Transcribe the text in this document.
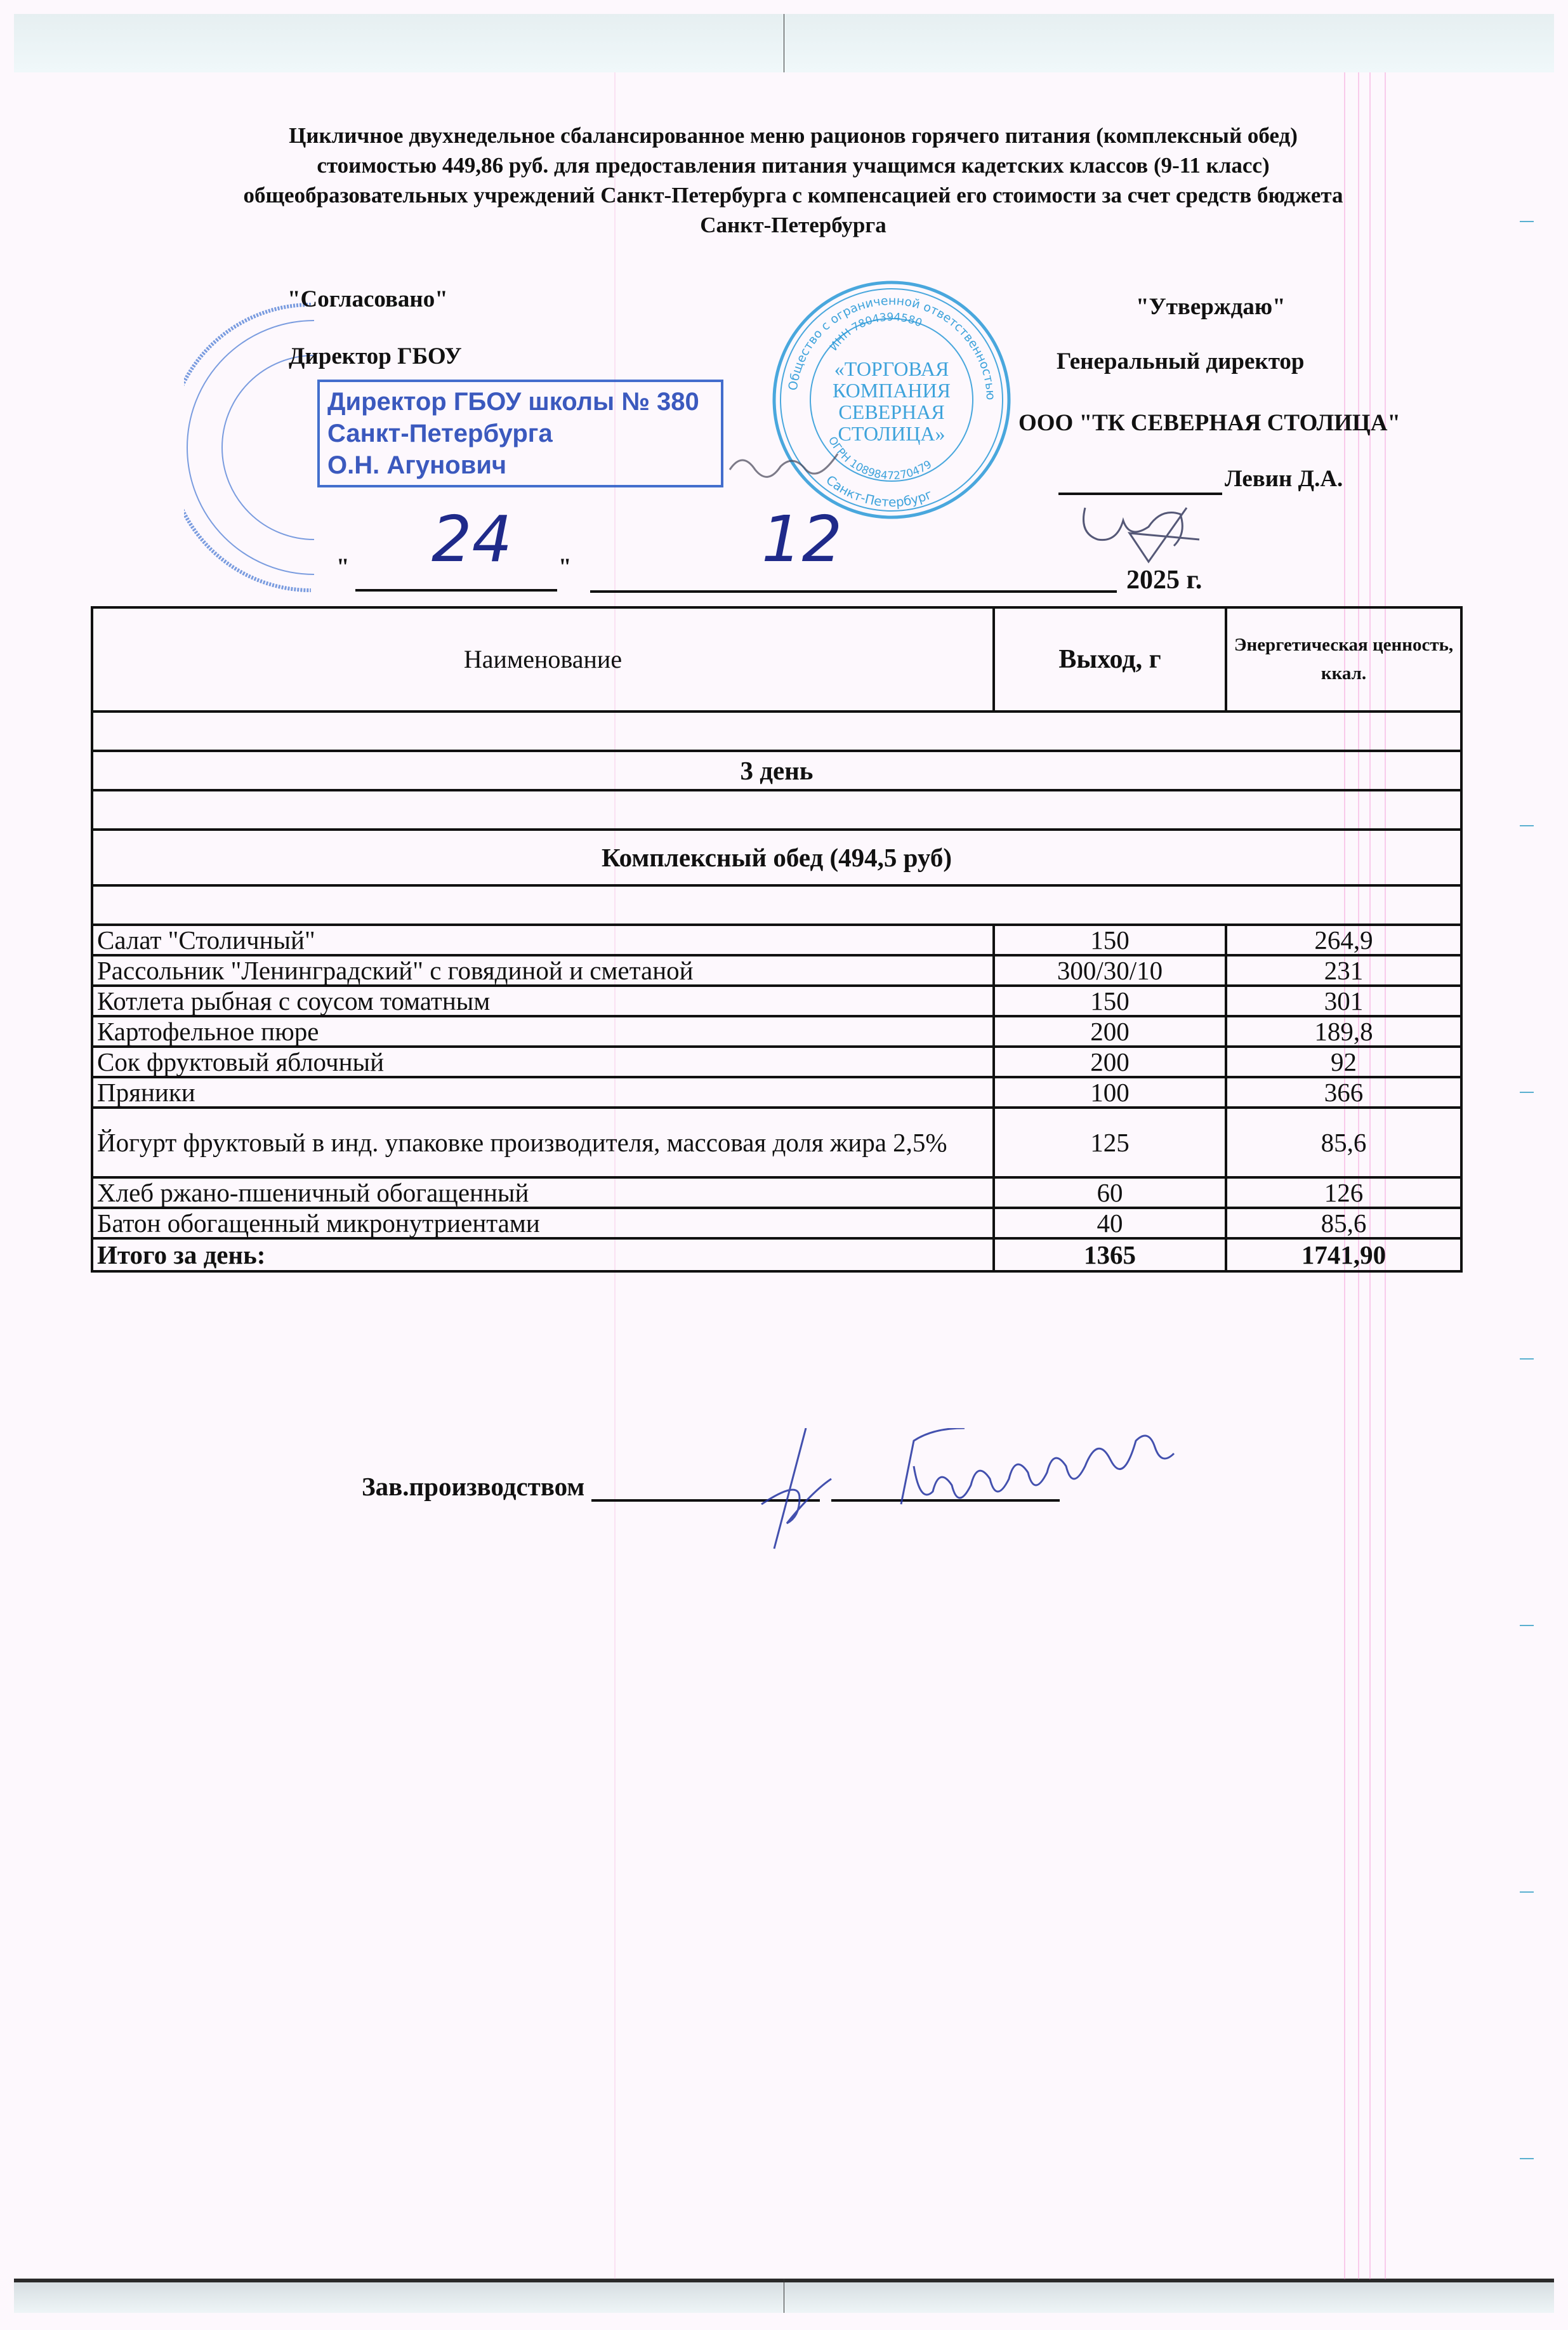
Цикличное двухнедельное сбалансированное меню рационов горячего питания (комплексный обед)
стоимостью 449,86 руб. для предоставления питания учащимся кадетских классов (9-11 класс)
общеобразовательных учреждений Санкт-Петербурга с компенсацией его стоимости за счет средств бюджета
Санкт-Петербурга
Директор ГБОУ школы № 380
Санкт-Петербурга
О.Н. Агунович
Общество с ограниченной ответственностью
ИНН 7804394580
ОГРН 1089847270479
Санкт-Петербург
«ТОРГОВАЯ
КОМПАНИЯ
СЕВЕРНАЯ
СТОЛИЦА»
"Согласовано"
Директор ГБОУ
"	"
24	12
"Утверждаю"
Генеральный директор
ООО "ТК СЕВЕРНАЯ СТОЛИЦА"
Левин Д.А.
2025 г.
Наименование	Выход, г	Энергетическая ценность, ккал.

3 день		

Комплексный обед (494,5 руб)		

Салат "Столичный"	150	264,9
Рассольник "Ленинградский" с говядиной и сметаной	300/30/10	231
Котлета рыбная с соусом томатным	150	301
Картофельное пюре	200	189,8
Сок фруктовый яблочный	200	92
Пряники	100	366
Йогурт фруктовый в инд. упаковке производителя, массовая доля жира 2,5%	125	85,6
Хлеб ржано-пшеничный обогащенный	60	126
Батон обогащенный микронутриентами	40	85,6
Итого за день:	1365	1741,90
Зав.производством
